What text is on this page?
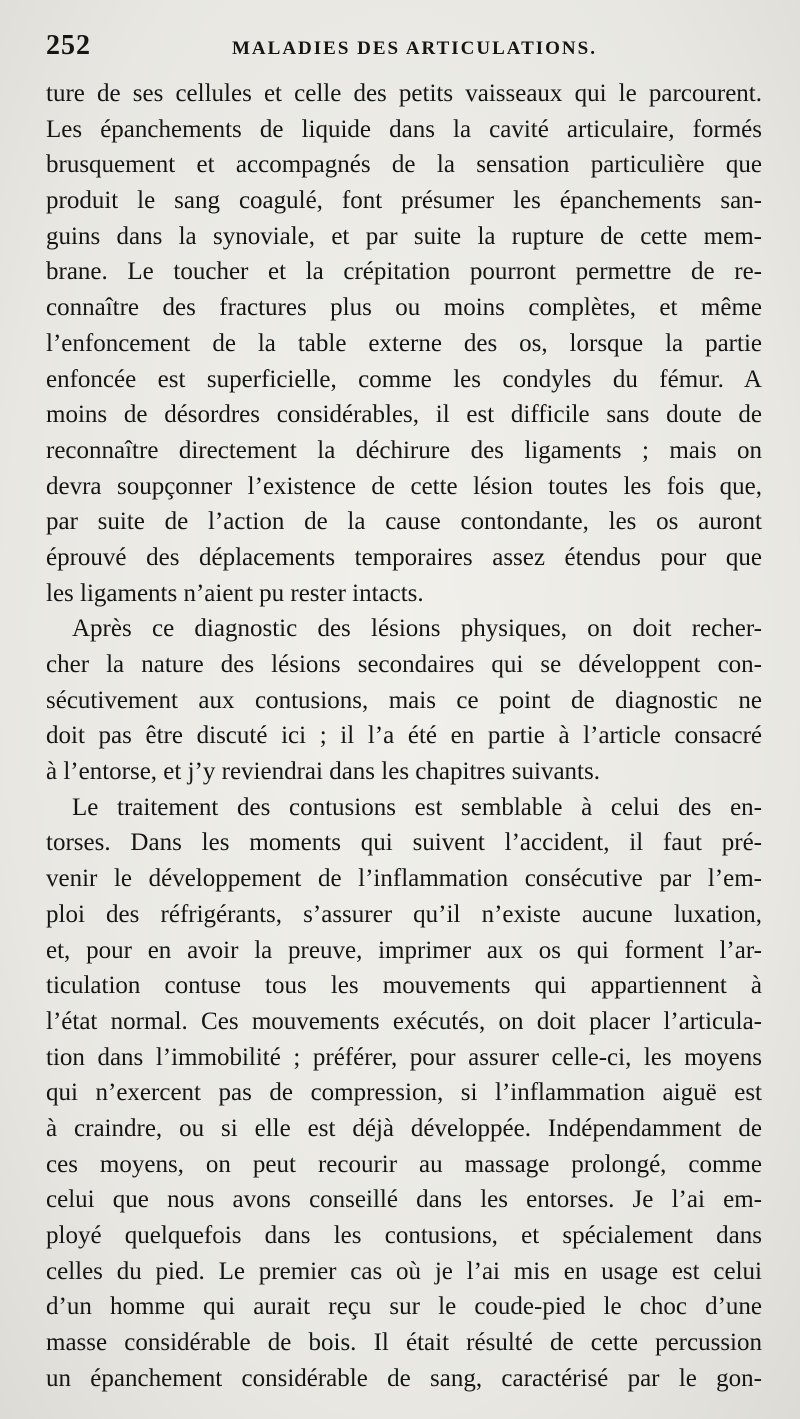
252	MALADIES DES ARTICULATIONS.
ture de ses cellules et celle des petits vaisseaux qui le parcourent.
Les épanchements de liquide dans la cavité articulaire, formés
brusquement et accompagnés de la sensation particulière que
produit le sang coagulé, font présumer les épanchements san-
guins dans la synoviale, et par suite la rupture de cette mem-
brane. Le toucher et la crépitation pourront permettre de re-
connaître des fractures plus ou moins complètes, et même
l’enfoncement de la table externe des os, lorsque la partie
enfoncée est superficielle, comme les condyles du fémur. A
moins de désordres considérables, il est difficile sans doute de
reconnaître directement la déchirure des ligaments ; mais on
devra soupçonner l’existence de cette lésion toutes les fois que,
par suite de l’action de la cause contondante, les os auront
éprouvé des déplacements temporaires assez étendus pour que
les ligaments n’aient pu rester intacts.
Après ce diagnostic des lésions physiques, on doit recher-
cher la nature des lésions secondaires qui se développent con-
sécutivement aux contusions, mais ce point de diagnostic ne
doit pas être discuté ici ; il l’a été en partie à l’article consacré
à l’entorse, et j’y reviendrai dans les chapitres suivants.
Le traitement des contusions est semblable à celui des en-
torses. Dans les moments qui suivent l’accident, il faut pré-
venir le développement de l’inflammation consécutive par l’em-
ploi des réfrigérants, s’assurer qu’il n’existe aucune luxation,
et, pour en avoir la preuve, imprimer aux os qui forment l’ar-
ticulation contuse tous les mouvements qui appartiennent à
l’état normal. Ces mouvements exécutés, on doit placer l’articula-
tion dans l’immobilité ; préférer, pour assurer celle-ci, les moyens
qui n’exercent pas de compression, si l’inflammation aiguë est
à craindre, ou si elle est déjà développée. Indépendamment de
ces moyens, on peut recourir au massage prolongé, comme
celui que nous avons conseillé dans les entorses. Je l’ai em-
ployé quelquefois dans les contusions, et spécialement dans
celles du pied. Le premier cas où je l’ai mis en usage est celui
d’un homme qui aurait reçu sur le coude-pied le choc d’une
masse considérable de bois. Il était résulté de cette percussion
un épanchement considérable de sang, caractérisé par le gon-
